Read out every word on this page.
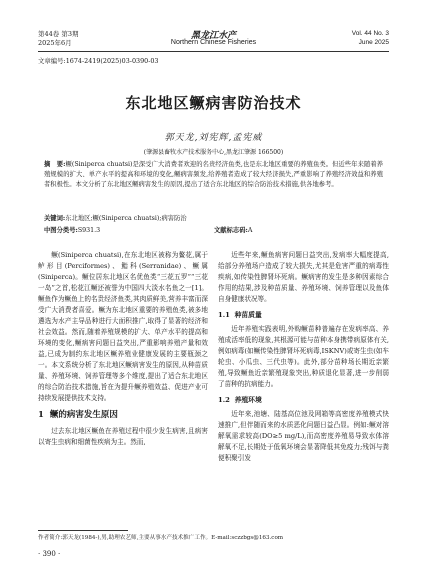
第44卷 第3期
2025年6月
黑龙江水产
Northern Chinese Fisheries
Vol. 44 No. 3
June 2025
文章编号:1674-2419(2025)03-0390-03
东北地区鳜病害防治技术
郭天龙,刘宪辉,孟宪威
(肇源县畜牧水产技术服务中心,黑龙江肇源 166500)
摘　要:鳜(Siniperca chuatsi)是深受广大消费者欢迎的名贵经济鱼类,也是东北地区重要的养殖鱼类。但近些年来随着养殖规模的扩大、单产水平的提高和环境的变化,鳜病害频发,给养殖者造成了较大经济损失,严重影响了养殖经济效益和养殖者积极性。本文分析了东北地区鳜病害发生的原因,提出了适合东北地区的综合防治技术措施,供各地参考。
关键词:东北地区;鳜(Siniperca chuatsi);病害防治
中图分类号:S931.3	文献标志码:A

鳜(Siniperca chuatsi),在东北地区被称为鳌花,属于鲈形目(Perciformes)、鮨科(Serranidae)、鳜属(Siniperca)。鳜位居东北地区名优鱼类“三花五罗”“三花一岛”之首,松花江鳜还被誉为中国四大淡水名鱼之一[1]。鳜鱼作为鳜鱼上的名贵经济鱼类,其肉质鲜美,营养丰富而深受广大消费者喜爱。鳜为东北地区重要的养殖鱼类,被多地遴选为水产主导品种进行大面积推广,取得了显著的经济和社会效益。然而,随着养殖规模的扩大、单产水平的提高和环境的变化,鳜病害问题日益突出,严重影响养殖产量和效益,已成为制约东北地区鳜养殖业健康发展的主要瓶颈之一。本文系统分析了东北地区鳜病害发生的原因,从种苗质量、养殖环境、饲养管理等多个维度,提出了适合东北地区的综合防治技术措施,旨在为提升鳜养殖效益、促进产业可持续发展提供技术支持。

1 鳜的病害发生原因

过去东北地区鳜鱼在养殖过程中很少发生病害,且病害以寄生虫病和细菌性疾病为主。然而,

近些年来,鳜鱼病害问题日益突出,发病率大幅度提高,给部分养殖场户造成了较大损失,尤其是危害严重的病毒性疾病,如传染性脾肾坏死病。鳜病害的发生是多种因素综合作用的结果,涉及种苗质量、养殖环境、饲养管理以及鱼体自身健康状况等。

1.1 种苗质量

近年养殖实践表明,外购鳜苗种普遍存在发病率高、养殖成活率低的现象,其根源可能与苗种本身携带病原体有关,例如病毒(如鳜传染性脾肾坏死病毒,ISKNV)或寄生虫(如车轮虫、小瓜虫、三代虫等)。此外,部分苗种场长期近亲繁殖,导致鳜鱼近亲繁殖现象突出,种质退化显著,进一步削弱了苗种的抗病能力。

1.2 养殖环境

近年来,池塘、陆基高位池及网箱等高密度养殖模式快速推广,但伴随而来的水质恶化问题日益凸显。例如:鳜对溶解氧需求较高(DO≥5 mg/L),而高密度养殖易导致水体溶解氧不足,长期处于低氧环境会显著降低其免疫力;残饵与粪便积聚引发

作者简介:郭天龙(1984-),男,助理农艺师,主要从事水产技术推广工作。E-mail:sczzbgs@163.com
· 390 ·
